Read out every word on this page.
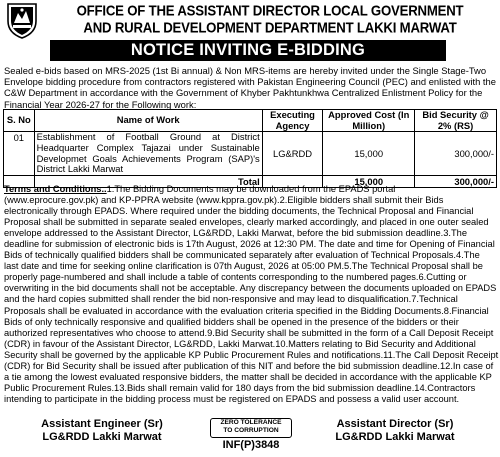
OFFICE OF THE ASSISTANT DIRECTOR LOCAL GOVERNMENT
AND RURAL DEVELOPMENT DEPARTMENT LAKKI MARWAT
NOTICE INVITING E-BIDDING
Sealed e-bids based on MRS-2025 (1st Bi annual) & Non MRS-items are hereby invited under the Single Stage-Two
Envelope bidding procedure from contractors registered with Pakistan Engineering Council (PEC) and enlisted with the
C&W Department in accordance with the Government of Khyber Pakhtunkhwa Centralized Enlistment Policy for the
Financial Year 2026-27 for the Following work:
S. No	Name of Work	Executing Agency	Approved Cost (In Million)	Bid Security @ 2% (RS)
01	Establishment of Football Ground at District Headquarter Complex Tajazai under Sustainable Developmet Goals Achievements Program (SAP)'s District Lakki Marwat	LG&RDD	15,000	300,000/-
	Total		15,000	300,000/-
Terms and Conditions..1.The Bidding Documents may be downloaded from the EPADS portal
(www.eprocure.gov.pk) and KP-PPRA website (www.kppra.gov.pk).2.Eligible bidders shall submit their Bids
electronically through EPADS. Where required under the bidding documents, the Technical Proposal and Financial
Proposal shall be submitted in separate sealed envelopes, clearly marked accordingly, and placed in one outer sealed
envelope addressed to the Assistant Director, LG&RDD, Lakki Marwat, before the bid submission deadline.3.The
deadline for submission of electronic bids is 17th August, 2026 at 12:30 PM. The date and time for Opening of Financial
Bids of technically qualified bidders shall be communicated separately after evaluation of Technical Proposals.4.The
last date and time for seeking online clarification is 07th August, 2026 at 05:00 PM.5.The Technical Proposal shall be
properly page-numbered and shall include a table of contents corresponding to the numbered pages.6.Cutting or
overwriting in the bid documents shall not be acceptable. Any discrepancy between the documents uploaded on EPADS
and the hard copies submitted shall render the bid non-responsive and may lead to disqualification.7.Technical
Proposals shall be evaluated in accordance with the evaluation criteria specified in the Bidding Documents.8.Financial
Bids of only technically responsive and qualified bidders shall be opened in the presence of the bidders or their
authorized representatives who choose to attend.9.Bid Security shall be submitted in the form of a Call Deposit Receipt
(CDR) in favour of the Assistant Director, LG&RDD, Lakki Marwat.10.Matters relating to Bid Security and Additional
Security shall be governed by the applicable KP Public Procurement Rules and notifications.11.The Call Deposit Receipt
(CDR) for Bid Security shall be issued after publication of this NIT and before the bid submission deadline.12.In case of
a tie among the lowest evaluated responsive bidders, the matter shall be decided in accordance with the applicable KP
Public Procurement Rules.13.Bids shall remain valid for 180 days from the bid submission deadline.14.Contractors
intending to participate in the bidding process must be registered on EPADS and possess a valid user account.
Assistant Engineer (Sr)
LG&RDD Lakki Marwat
ZERO TOLERANCE
TO CORRUPTION
INF(P)3848
Assistant Director (Sr)
LG&RDD Lakki Marwat
